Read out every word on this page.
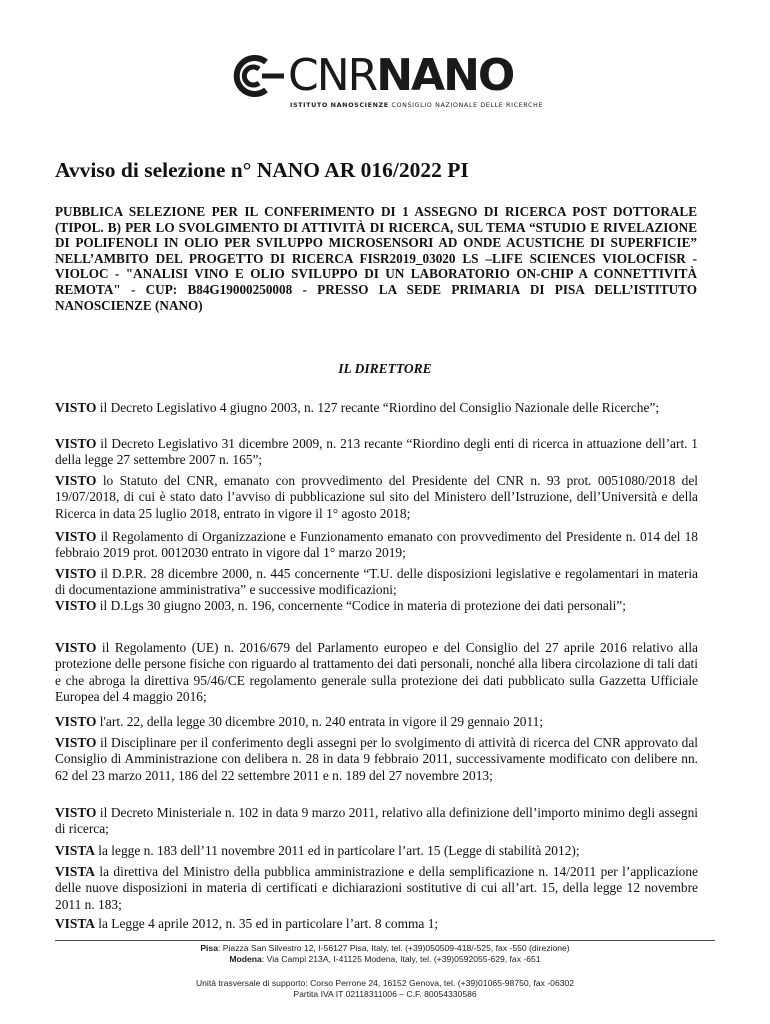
CNRNANO
ISTITUTO NANOSCIENZE CONSIGLIO NAZIONALE DELLE RICERCHE
Avviso di selezione n° NANO AR 016/2022 PI

PUBBLICA SELEZIONE PER IL CONFERIMENTO DI 1 ASSEGNO DI RICERCA POST DOTTORALE (TIPOL. B) PER LO SVOLGIMENTO DI ATTIVITÀ DI RICERCA, SUL TEMA “STUDIO E RIVELAZIONE DI POLIFENOLI IN OLIO PER SVILUPPO MICROSENSORI AD ONDE ACUSTICHE DI SUPERFICIE” NELL’AMBITO DEL PROGETTO DI RICERCA FISR2019_03020 LS –LIFE SCIENCES VIOLOCFISR - VIOLOC - "ANALISI VINO E OLIO SVILUPPO DI UN LABORATORIO ON-CHIP A CONNETTIVITÀ REMOTA" - CUP: B84G19000250008 - PRESSO LA SEDE PRIMARIA DI PISA DELL’ISTITUTO NANOSCIENZE (NANO)

IL DIRETTORE

VISTO il Decreto Legislativo 4 giugno 2003, n. 127 recante “Riordino del Consiglio Nazionale delle Ricerche”;

VISTO il Decreto Legislativo 31 dicembre 2009, n. 213 recante “Riordino degli enti di ricerca in attuazione dell’art. 1 della legge 27 settembre 2007 n. 165”;

VISTO lo Statuto del CNR, emanato con provvedimento del Presidente del CNR n. 93 prot. 0051080/2018 del 19/07/2018, di cui è stato dato l’avviso di pubblicazione sul sito del Ministero dell’Istruzione, dell’Università e della Ricerca in data 25 luglio 2018, entrato in vigore il 1° agosto 2018;

VISTO il Regolamento di Organizzazione e Funzionamento emanato con provvedimento del Presidente n. 014 del 18 febbraio 2019 prot. 0012030 entrato in vigore dal 1° marzo 2019;

VISTO il D.P.R. 28 dicembre 2000, n. 445 concernente “T.U. delle disposizioni legislative e regolamentari in materia di documentazione amministrativa” e successive modificazioni;

VISTO il D.Lgs 30 giugno 2003, n. 196, concernente “Codice in materia di protezione dei dati personali”;

VISTO il Regolamento (UE) n. 2016/679 del Parlamento europeo e del Consiglio del 27 aprile 2016 relativo alla protezione delle persone fisiche con riguardo al trattamento dei dati personali, nonché alla libera circolazione di tali dati e che abroga la direttiva 95/46/CE regolamento generale sulla protezione dei dati pubblicato sulla Gazzetta Ufficiale Europea del 4 maggio 2016;

VISTO l'art. 22, della legge 30 dicembre 2010, n. 240 entrata in vigore il 29 gennaio 2011;

VISTO il Disciplinare per il conferimento degli assegni per lo svolgimento di attività di ricerca del CNR approvato dal Consiglio di Amministrazione con delibera n. 28 in data 9 febbraio 2011, successivamente modificato con delibere nn. 62 del 23 marzo 2011, 186 del 22 settembre 2011 e n. 189 del 27 novembre 2013;

VISTO il Decreto Ministeriale n. 102 in data 9 marzo 2011, relativo alla definizione dell’importo minimo degli assegni di ricerca;

VISTA la legge n. 183 dell’11 novembre 2011 ed in particolare l’art. 15 (Legge di stabilità 2012);

VISTA la direttiva del Ministro della pubblica amministrazione e della semplificazione n. 14/2011 per l’applicazione delle nuove disposizioni in materia di certificati e dichiarazioni sostitutive di cui all’art. 15, della legge 12 novembre 2011 n. 183;

VISTA la Legge 4 aprile 2012, n. 35 ed in particolare l’art. 8 comma 1;

Pisa: Piazza San Silvestro 12, I-56127 Pisa, Italy, tel. (+39)050509-418/-525, fax -550 (direzione)

Modena: Via Campi 213A, I-41125 Modena, Italy, tel. (+39)0592055-629, fax -651

Unità trasversale di supporto: Corso Perrone 24, 16152 Genova, tel. (+39)01065-98750, fax -06302

Partita IVA IT 02118311006 – C.F. 80054330586
